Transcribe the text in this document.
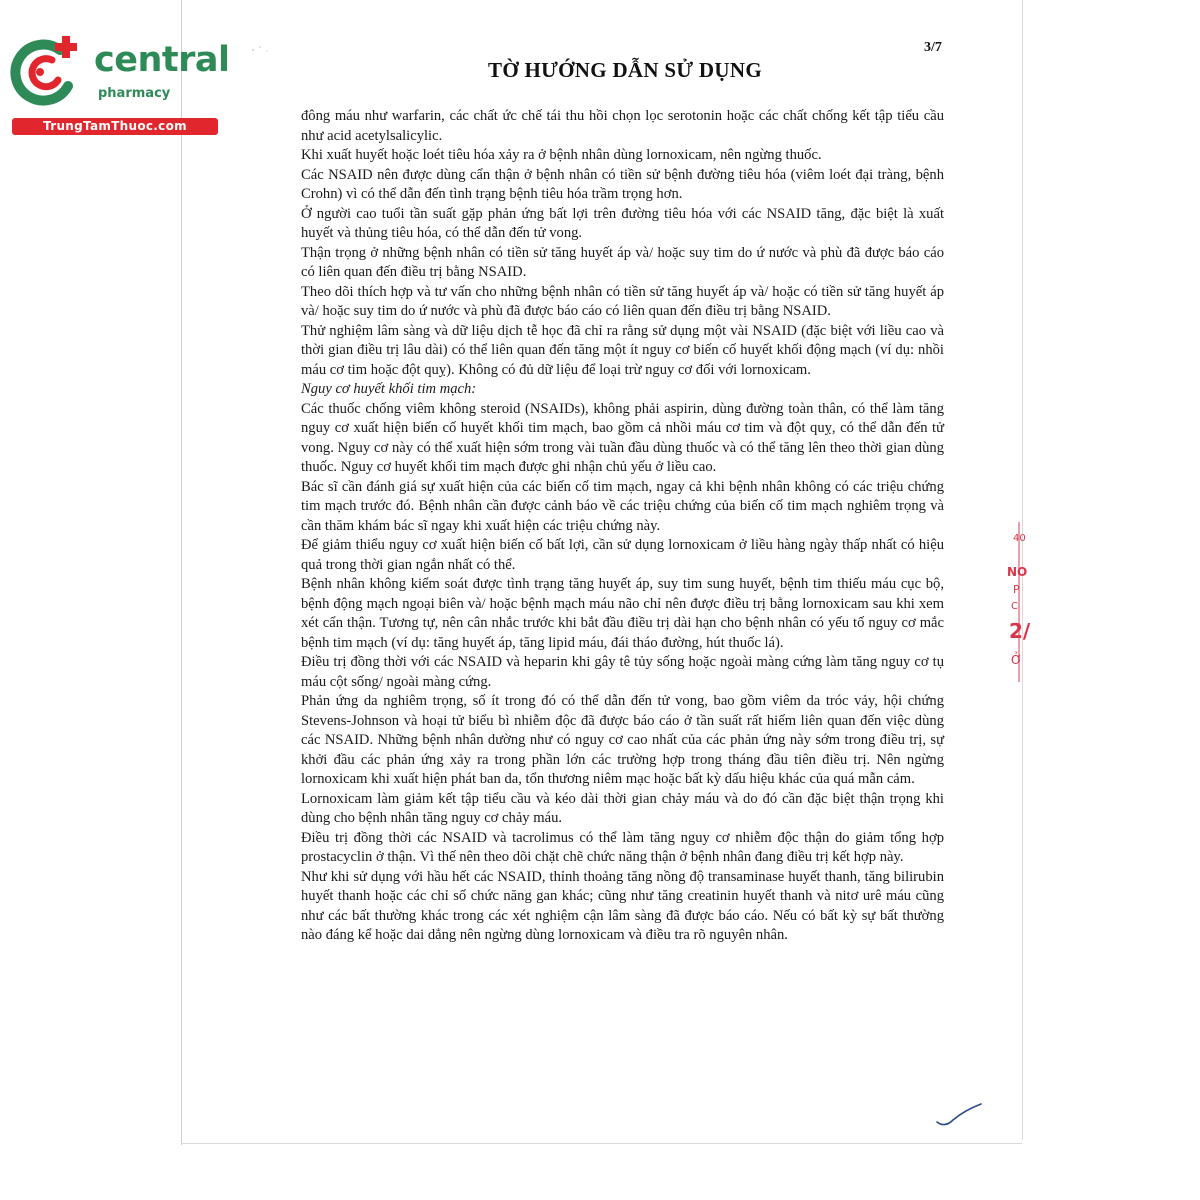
central
pharmacy
TrungTamThuoc.com
3/7
TỜ HƯỚNG DẪN SỬ DỤNG

đông máu như warfarin, các chất ức chế tái thu hồi chọn lọc serotonin hoặc các chất chống kết tập tiểu cầu như acid acetylsalicylic.

Khi xuất huyết hoặc loét tiêu hóa xảy ra ở bệnh nhân dùng lornoxicam, nên ngừng thuốc.

Các NSAID nên được dùng cẩn thận ở bệnh nhân có tiền sử bệnh đường tiêu hóa (viêm loét đại tràng, bệnh Crohn) vì có thể dẫn đến tình trạng bệnh tiêu hóa trầm trọng hơn.

Ở người cao tuổi tần suất gặp phản ứng bất lợi trên đường tiêu hóa với các NSAID tăng, đặc biệt là xuất huyết và thủng tiêu hóa, có thể dẫn đến tử vong.

Thận trọng ở những bệnh nhân có tiền sử tăng huyết áp và/ hoặc suy tim do ứ nước và phù đã được báo cáo có liên quan đến điều trị bằng NSAID.

Theo dõi thích hợp và tư vấn cho những bệnh nhân có tiền sử tăng huyết áp và/ hoặc có tiền sử tăng huyết áp và/ hoặc suy tim do ứ nước và phù đã được báo cáo có liên quan đến điều trị bằng NSAID.

Thử nghiệm lâm sàng và dữ liệu dịch tễ học đã chỉ ra rằng sử dụng một vài NSAID (đặc biệt với liều cao và thời gian điều trị lâu dài) có thể liên quan đến tăng một ít nguy cơ biến cố huyết khối động mạch (ví dụ: nhồi máu cơ tim hoặc đột quỵ). Không có đủ dữ liệu để loại trừ nguy cơ đối với lornoxicam.

Nguy cơ huyết khối tim mạch:

Các thuốc chống viêm không steroid (NSAIDs), không phải aspirin, dùng đường toàn thân, có thể làm tăng nguy cơ xuất hiện biến cố huyết khối tim mạch, bao gồm cả nhồi máu cơ tim và đột quỵ, có thể dẫn đến tử vong. Nguy cơ này có thể xuất hiện sớm trong vài tuần đầu dùng thuốc và có thể tăng lên theo thời gian dùng thuốc. Nguy cơ huyết khối tim mạch được ghi nhận chủ yếu ở liều cao.

Bác sĩ cần đánh giá sự xuất hiện của các biến cố tim mạch, ngay cả khi bệnh nhân không có các triệu chứng tim mạch trước đó. Bệnh nhân cần được cảnh báo về các triệu chứng của biến cố tim mạch nghiêm trọng và cần thăm khám bác sĩ ngay khi xuất hiện các triệu chứng này.

Để giảm thiểu nguy cơ xuất hiện biến cố bất lợi, cần sử dụng lornoxicam ở liều hàng ngày thấp nhất có hiệu quả trong thời gian ngắn nhất có thể.

Bệnh nhân không kiểm soát được tình trạng tăng huyết áp, suy tim sung huyết, bệnh tim thiếu máu cục bộ, bệnh động mạch ngoại biên và/ hoặc bệnh mạch máu não chỉ nên được điều trị bằng lornoxicam sau khi xem xét cẩn thận. Tương tự, nên cân nhắc trước khi bắt đầu điều trị dài hạn cho bệnh nhân có yếu tố nguy cơ mắc bệnh tim mạch (ví dụ: tăng huyết áp, tăng lipid máu, đái tháo đường, hút thuốc lá).

Điều trị đồng thời với các NSAID và heparin khi gây tê tủy sống hoặc ngoài màng cứng làm tăng nguy cơ tụ máu cột sống/ ngoài màng cứng.

Phản ứng da nghiêm trọng, số ít trong đó có thể dẫn đến tử vong, bao gồm viêm da tróc vảy, hội chứng Stevens-Johnson và hoại tử biểu bì nhiễm độc đã được báo cáo ở tần suất rất hiếm liên quan đến việc dùng các NSAID. Những bệnh nhân dường như có nguy cơ cao nhất của các phản ứng này sớm trong điều trị, sự khởi đầu các phản ứng xảy ra trong phần lớn các trường hợp trong tháng đầu tiên điều trị. Nên ngừng lornoxicam khi xuất hiện phát ban da, tổn thương niêm mạc hoặc bất kỳ dấu hiệu khác của quá mẫn cảm.

Lornoxicam làm giảm kết tập tiểu cầu và kéo dài thời gian chảy máu và do đó cần đặc biệt thận trọng khi dùng cho bệnh nhân tăng nguy cơ chảy máu.

Điều trị đồng thời các NSAID và tacrolimus có thể làm tăng nguy cơ nhiễm độc thận do giảm tổng hợp prostacyclin ở thận. Vì thế nên theo dõi chặt chẽ chức năng thận ở bệnh nhân đang điều trị kết hợp này.

Như khi sử dụng với hầu hết các NSAID, thỉnh thoảng tăng nồng độ transaminase huyết thanh, tăng bilirubin huyết thanh hoặc các chỉ số chức năng gan khác; cũng như tăng creatinin huyết thanh và nitơ urê máu cũng như các bất thường khác trong các xét nghiệm cận lâm sàng đã được báo cáo. Nếu có bất kỳ sự bất thường nào đáng kể hoặc dai dẳng nên ngừng dùng lornoxicam và điều tra rõ nguyên nhân.

40
NO
P
C
2/
Ở
